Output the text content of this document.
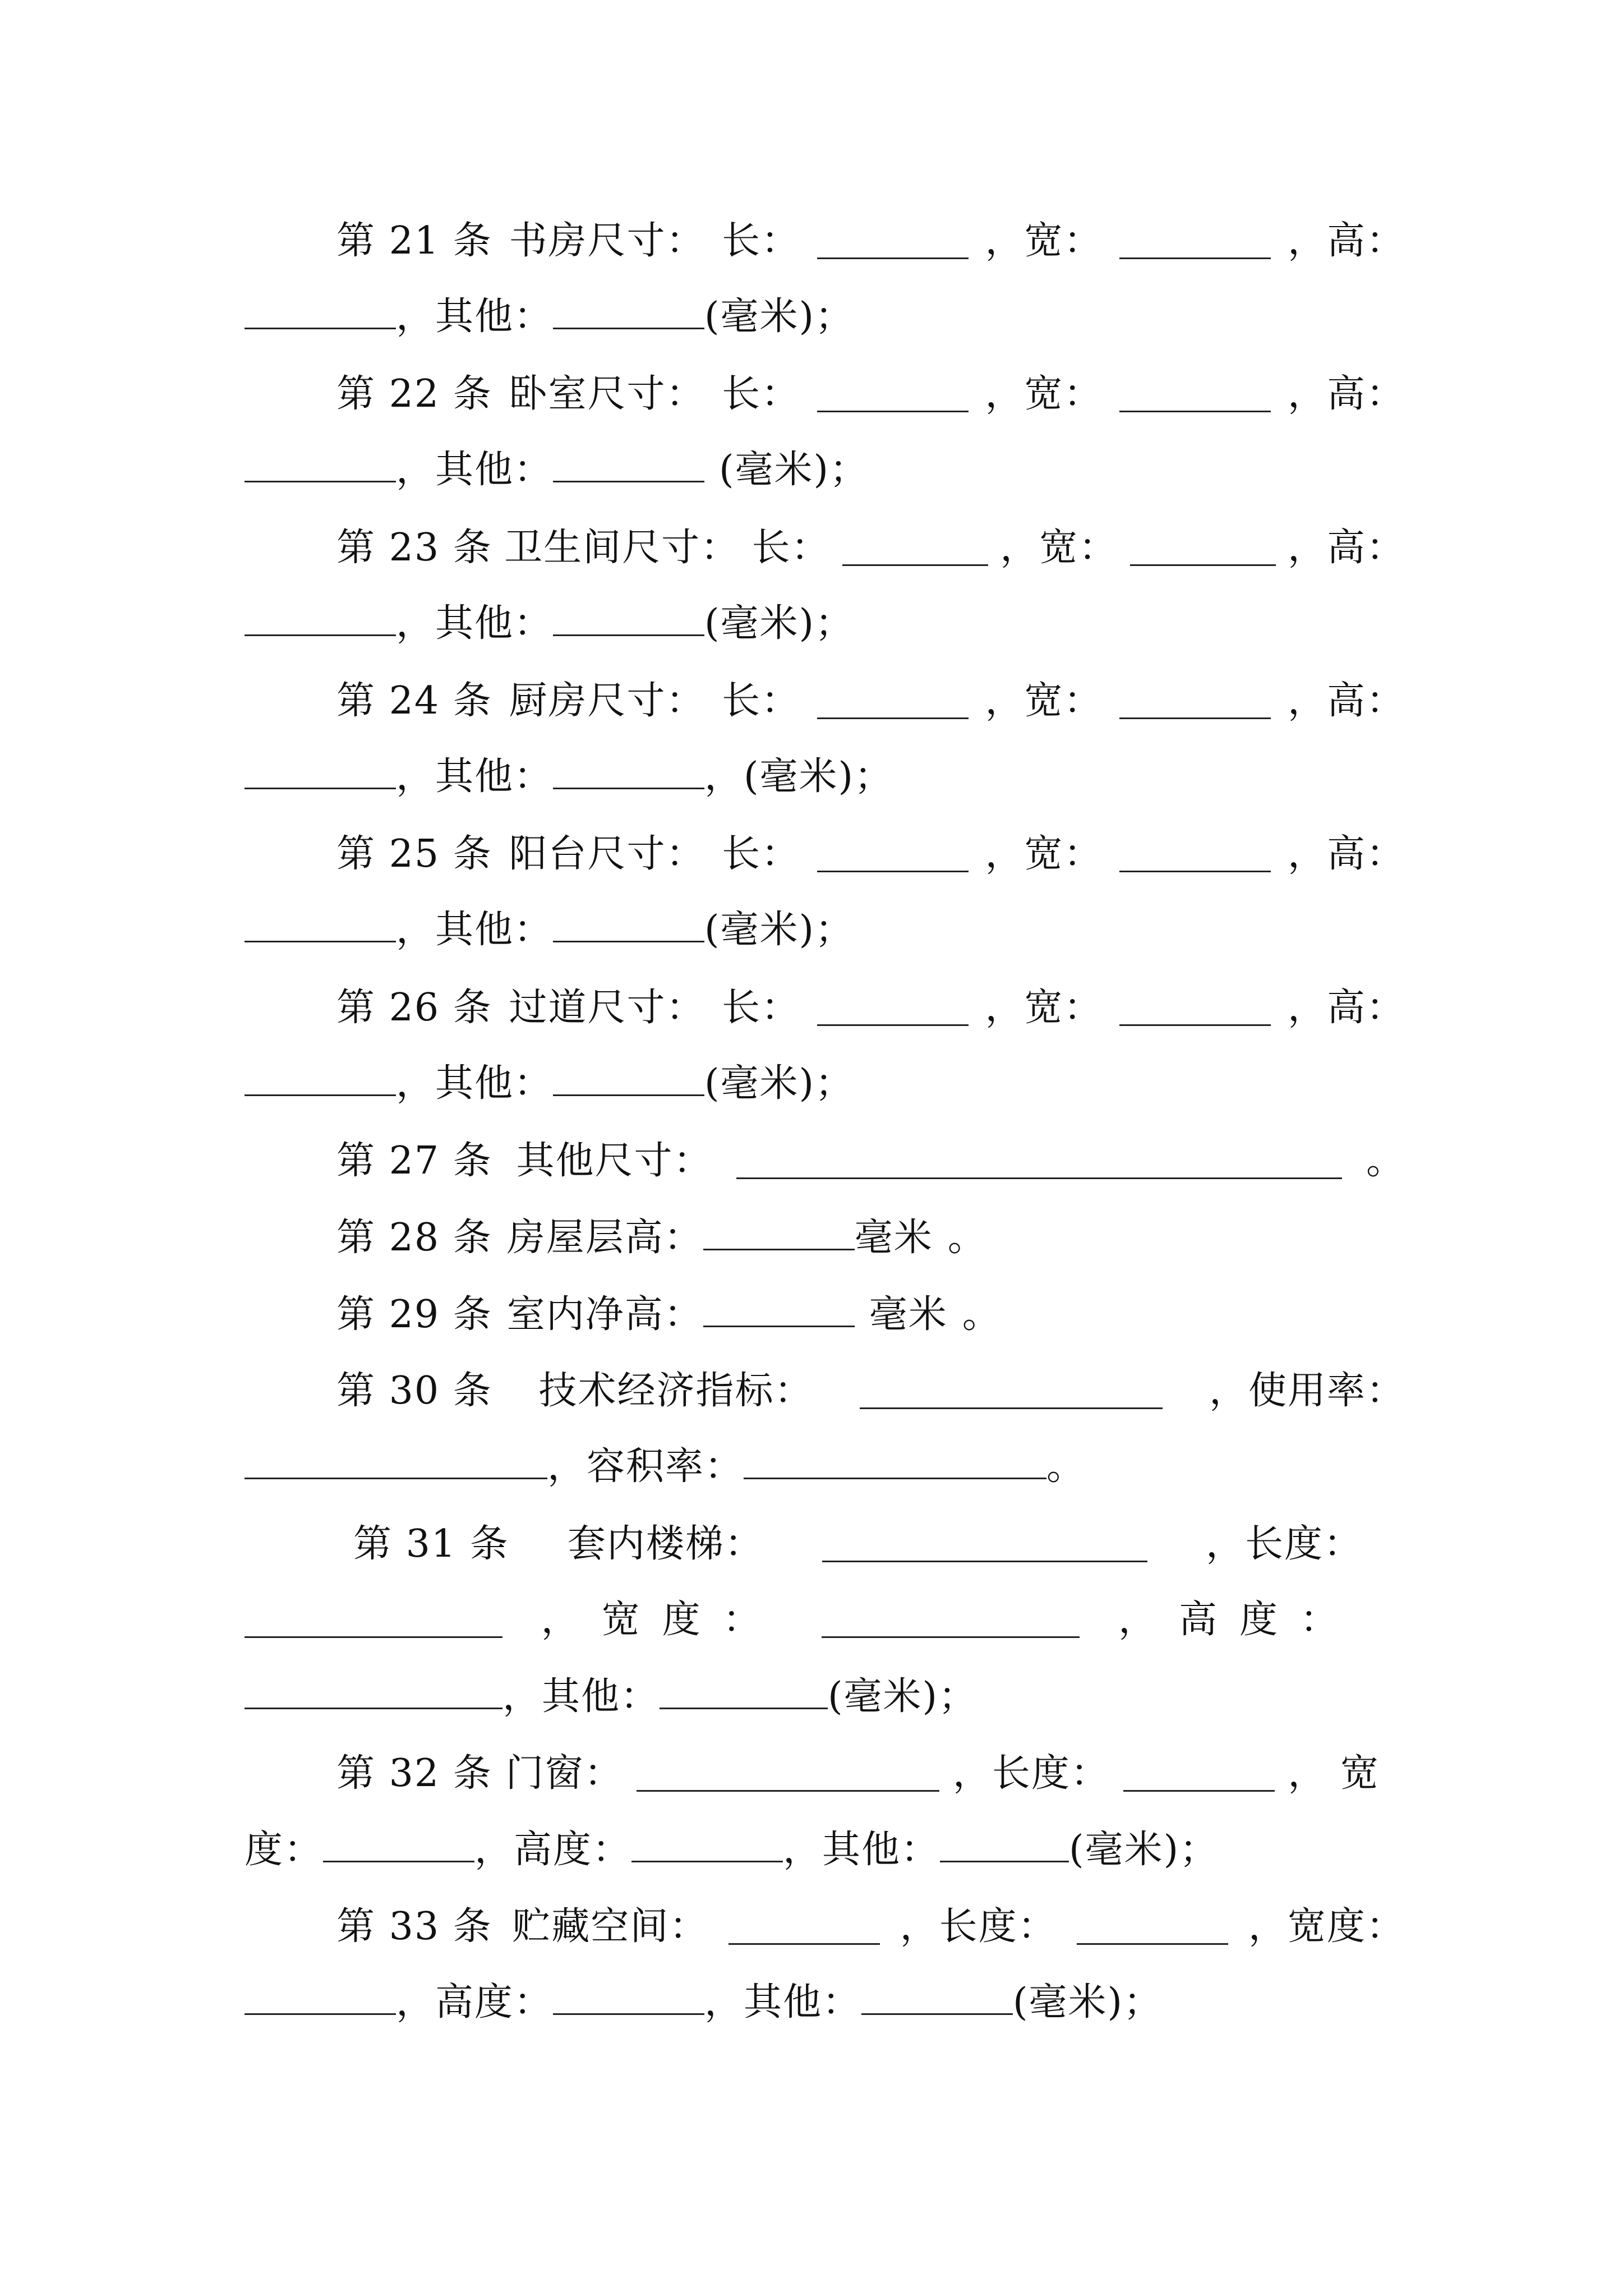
第 21 条 书房尺寸： 长：	，宽：	，高：
，其他：	(毫米)；
第 22 条 卧室尺寸： 长：	，宽：	，高：
，其他：	(毫米)；
第 23 条 卫生间尺寸： 长：	，宽：	，高：
，其他：	(毫米)；
第 24 条 厨房尺寸： 长：	，宽：	，高：
，其他：	，(毫米)；
第 25 条 阳台尺寸： 长：	，宽：	，高：
，其他：	(毫米)；
第 26 条 过道尺寸： 长：	，宽：	，高：
，其他：	(毫米)；
第 27 条 其他尺寸：	。
第 28 条 房屋层高：	毫米 。
第 29 条 室内净高：	毫米 。
第 30 条 技术经济指标：	，使用率：
，容积率：	。
第 31 条 套内楼梯：	，长度：
，宽度：	，高度：
，其他：	(毫米)；
第 32 条 门窗：	，长度：	， 宽
度：	，高度：	，其他：	(毫米)；
第 33 条 贮藏空间：	，长度：	，宽度：
，高度：	，其他：	(毫米)；
